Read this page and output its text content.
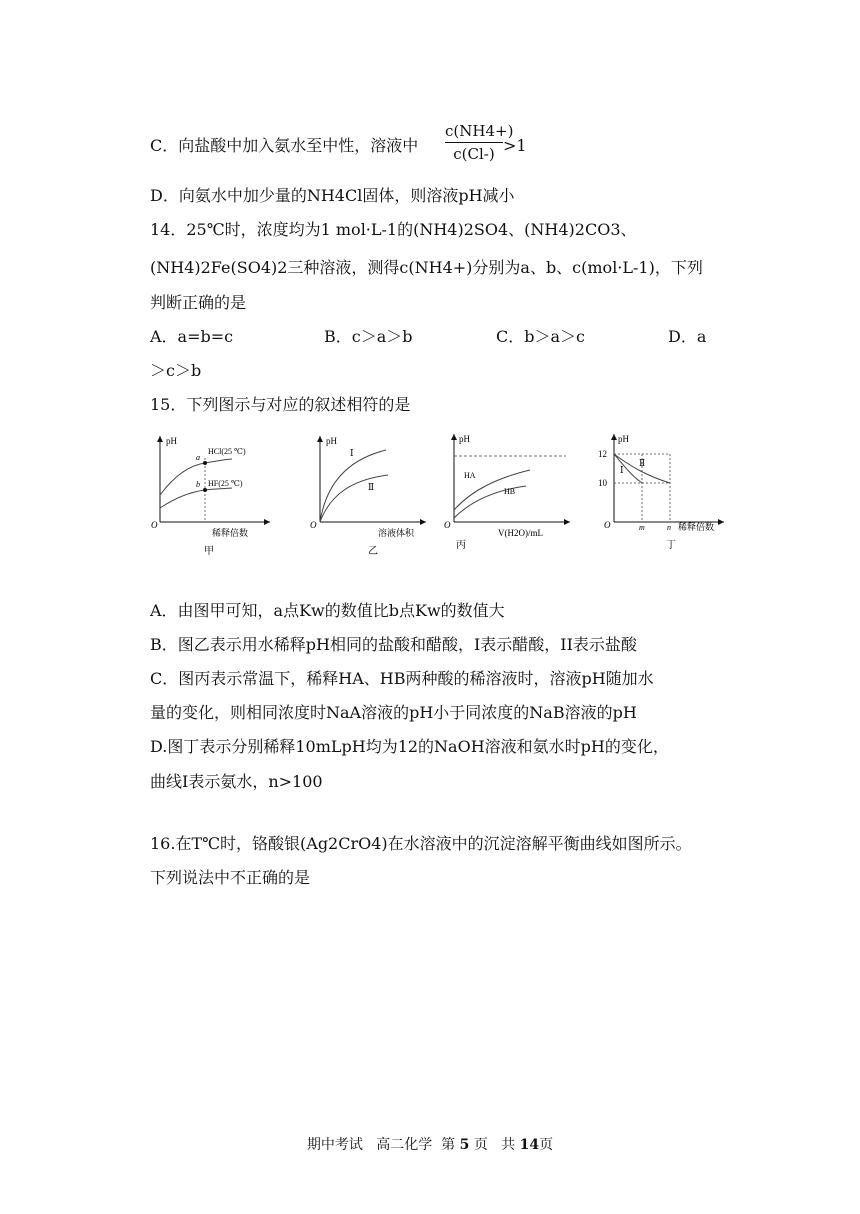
C．向盐酸中加入氨水至中性，溶液中 $\frac{c(NH4+)}{c(Cl-)} >1$
D．向氨水中加少量的NH4Cl固体，则溶液pH减小
14．25℃时，浓度均为1 mol·L-1的(NH4)2SO4、(NH4)2CO3、
(NH4)2Fe(SO4)2三种溶液，测得c(NH4+)分别为a、b、c(mol·L-1)，下列
判断正确的是
A．a=b=c	B．c＞a＞b	C．b＞a＞c	D．a
＞c＞b
15．下列图示与对应的叙述相符的是
pH
O
a
b
HCl(25 ℃)
HF(25 ℃)
稀释倍数
甲
pH
O
Ⅰ
Ⅱ
溶液体积
乙
pH
O
HA
HB
V(H2O)/mL
丙
pH
O
12
10
Ⅰ
Ⅱ
m	n 稀释倍数
丁
A．由图甲可知，a点Kw的数值比b点Kw的数值大
B．图乙表示用水稀释pH相同的盐酸和醋酸，I表示醋酸，II表示盐酸
C．图丙表示常温下，稀释HA、HB两种酸的稀溶液时，溶液pH随加水
量的变化，则相同浓度时NaA溶液的pH小于同浓度的NaB溶液的pH
D.图丁表示分别稀释10mLpH均为12的NaOH溶液和氨水时pH的变化，
曲线I表示氨水，n>100
16.在T℃时，铬酸银(Ag2CrO4)在水溶液中的沉淀溶解平衡曲线如图所示。
下列说法中不正确的是
期中考试 高二化学 第 5 页 共 14页
